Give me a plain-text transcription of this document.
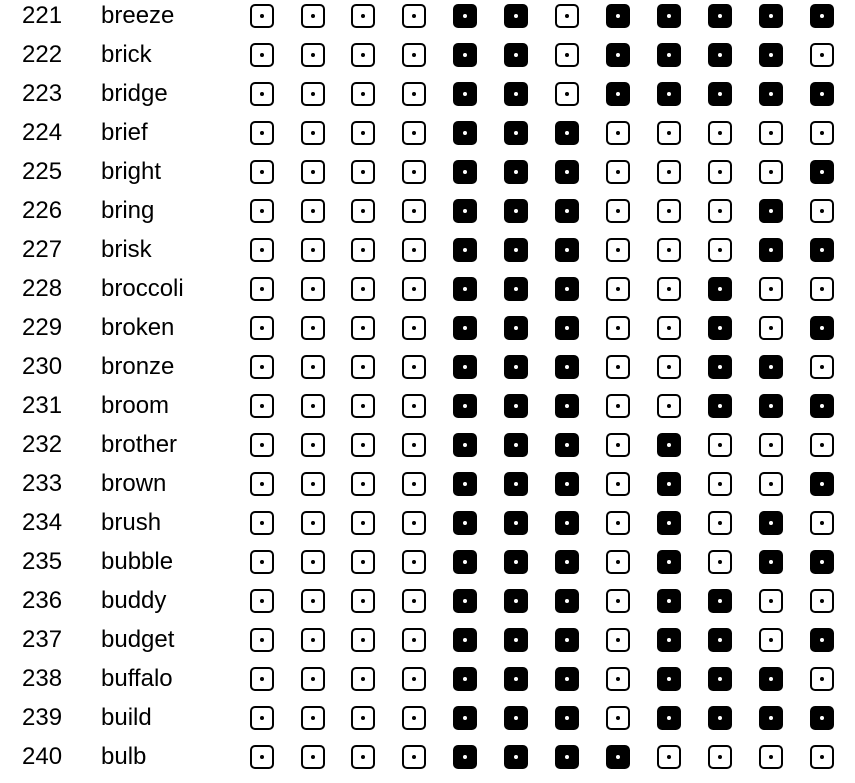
221 breeze
222 brick
223 bridge
224 brief
225 bright
226 bring
227 brisk
228 broccoli
229 broken
230 bronze
231 broom
232 brother
233 brown
234 brush
235 bubble
236 buddy
237 budget
238 buffalo
239 build
240 bulb
